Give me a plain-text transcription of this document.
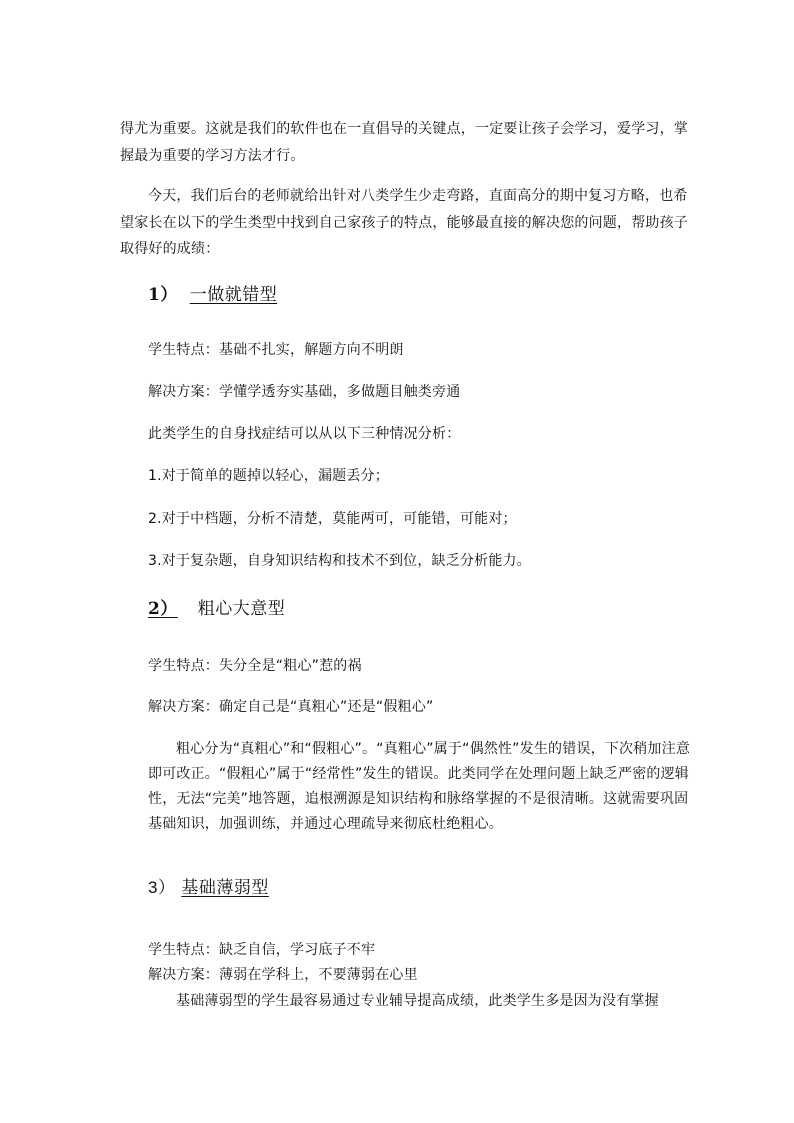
得尤为重要。这就是我们的软件也在一直倡导的关键点，一定要让孩子会学习，爱学习，掌
握最为重要的学习方法才行。
今天，我们后台的老师就给出针对八类学生少走弯路，直面高分的期中复习方略，也希
望家长在以下的学生类型中找到自己家孩子的特点，能够最直接的解决您的问题，帮助孩子
取得好的成绩：
1） 一做就错型
学生特点：基础不扎实，解题方向不明朗
解决方案：学懂学透夯实基础，多做题目触类旁通
此类学生的自身找症结可以从以下三种情况分析：
1.对于简单的题掉以轻心，漏题丢分；
2.对于中档题，分析不清楚，莫能两可，可能错，可能对；
3.对于复杂题，自身知识结构和技术不到位，缺乏分析能力。
2） 粗心大意型
学生特点：失分全是“粗心”惹的祸
解决方案：确定自己是“真粗心”还是“假粗心”
粗心分为“真粗心”和“假粗心”。“真粗心”属于“偶然性”发生的错误，下次稍加注意
即可改正。“假粗心”属于“经常性”发生的错误。此类同学在处理问题上缺乏严密的逻辑
性，无法“完美”地答题，追根溯源是知识结构和脉络掌握的不是很清晰。这就需要巩固
基础知识，加强训练，并通过心理疏导来彻底杜绝粗心。
3） 基础薄弱型
学生特点：缺乏自信，学习底子不牢
解决方案：薄弱在学科上，不要薄弱在心里
基础薄弱型的学生最容易通过专业辅导提高成绩，此类学生多是因为没有掌握
